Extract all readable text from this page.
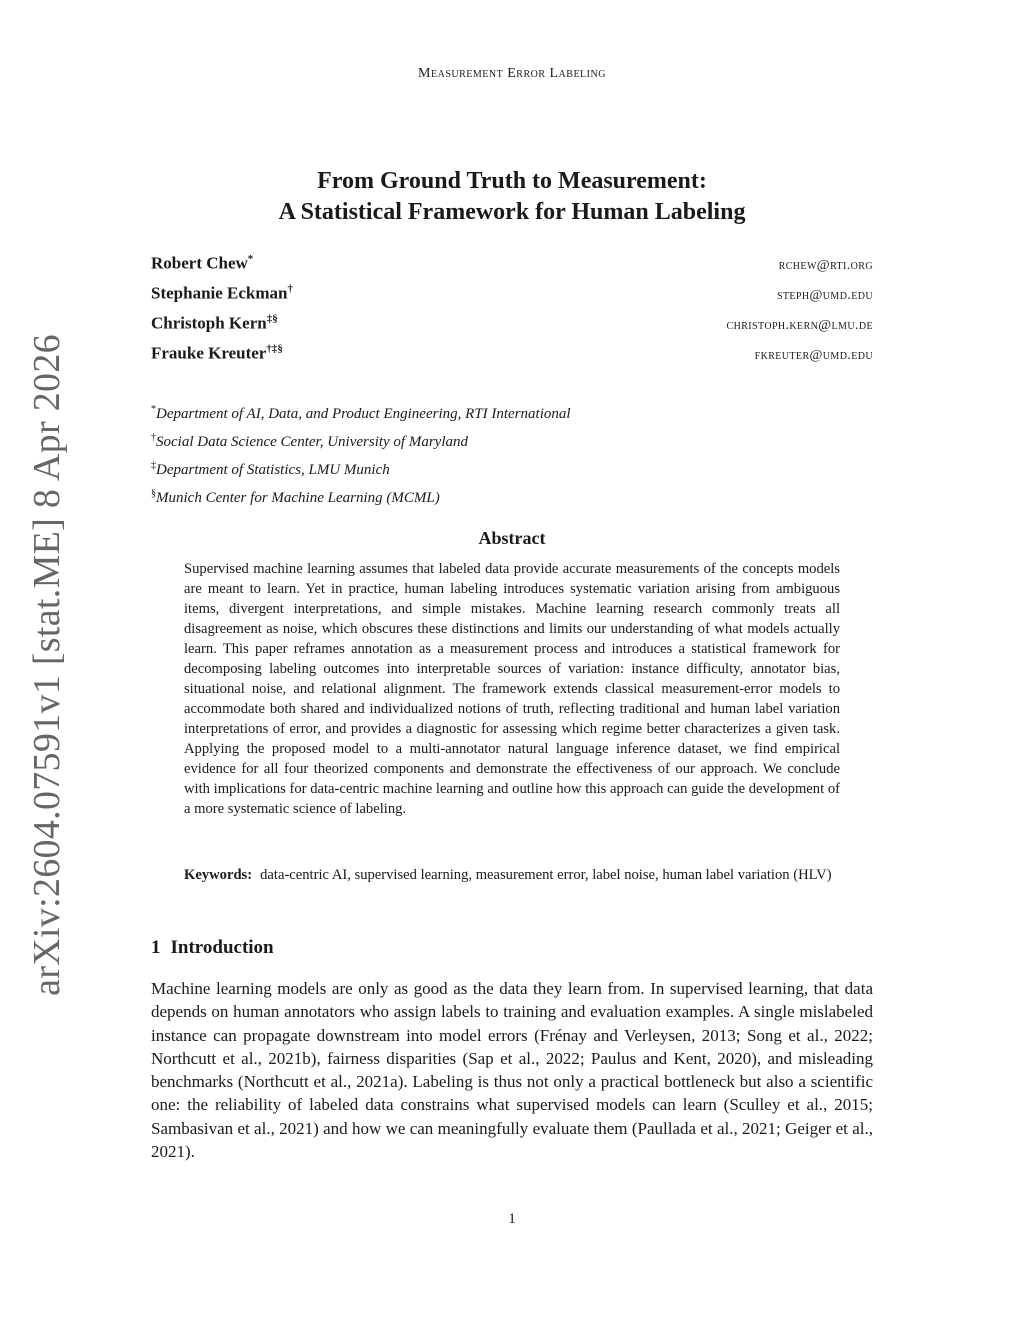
Measurement Error Labeling
arXiv:2604.07591v1 [stat.ME] 8 Apr 2026
From Ground Truth to Measurement:
A Statistical Framework for Human Labeling
Robert Chew*	rchew@rti.org
Stephanie Eckman†	steph@umd.edu
Christoph Kern‡§	christoph.kern@lmu.de
Frauke Kreuter†‡§	fkreuter@umd.edu
*Department of AI, Data, and Product Engineering, RTI International
†Social Data Science Center, University of Maryland
‡Department of Statistics, LMU Munich
§Munich Center for Machine Learning (MCML)
Abstract

Supervised machine learning assumes that labeled data provide accurate measurements of the concepts models are meant to learn. Yet in practice, human labeling introduces systematic variation arising from ambiguous items, divergent interpretations, and simple mistakes. Machine learning research commonly treats all disagreement as noise, which obscures these distinctions and limits our understanding of what models actually learn. This paper reframes annotation as a measurement process and introduces a statistical framework for decomposing labeling outcomes into interpretable sources of variation: instance difficulty, annotator bias, situational noise, and relational alignment. The framework extends classical measurement-error models to accommodate both shared and individualized notions of truth, reflecting traditional and human label variation interpretations of error, and provides a diagnostic for assessing which regime better characterizes a given task. Applying the proposed model to a multi-annotator natural language inference dataset, we find empirical evidence for all four theorized components and demonstrate the effectiveness of our approach. We conclude with implications for data-centric machine learning and outline how this approach can guide the development of a more systematic science of labeling.

Keywords: data-centric AI, supervised learning, measurement error, label noise, human label variation (HLV)

1 Introduction

Machine learning models are only as good as the data they learn from. In supervised learning, that data depends on human annotators who assign labels to training and evaluation examples. A single mislabeled instance can propagate downstream into model errors (Frénay and Verleysen, 2013; Song et al., 2022; Northcutt et al., 2021b), fairness disparities (Sap et al., 2022; Paulus and Kent, 2020), and misleading benchmarks (Northcutt et al., 2021a). Labeling is thus not only a practical bottleneck but also a scientific one: the reliability of labeled data constrains what supervised models can learn (Sculley et al., 2015; Sambasivan et al., 2021) and how we can meaningfully evaluate them (Paullada et al., 2021; Geiger et al., 2021).

1
